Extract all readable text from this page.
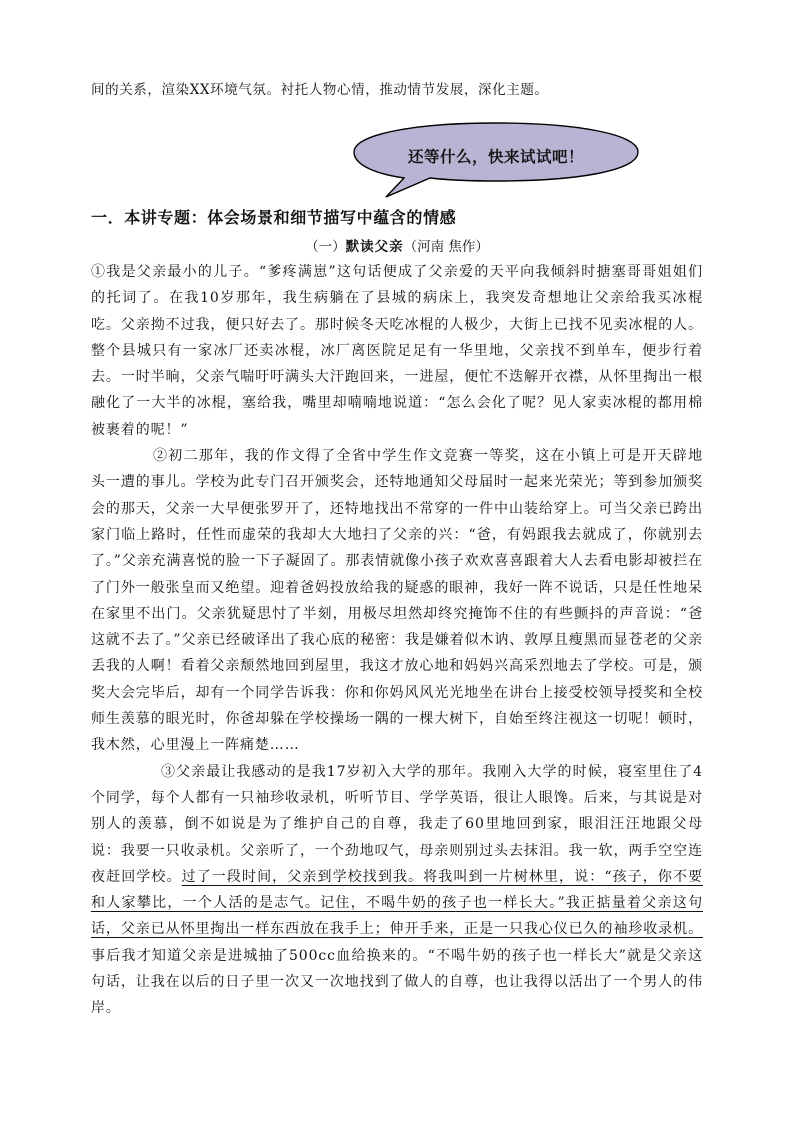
间的关系，渲染XX环境气氛。衬托人物心情，推动情节发展，深化主题。
还等什么，快来试试吧！
一．本讲专题：体会场景和细节描写中蕴含的情感
（一）默读父亲（河南 焦作）

①我是父亲最小的儿子。“爹疼满崽”这句话便成了父亲爱的天平向我倾斜时搪塞哥哥姐姐们的托词了。在我10岁那年，我生病躺在了县城的病床上，我突发奇想地让父亲给我买冰棍吃。父亲拗不过我，便只好去了。那时候冬天吃冰棍的人极少，大街上已找不见卖冰棍的人。整个县城只有一家冰厂还卖冰棍，冰厂离医院足足有一华里地，父亲找不到单车，便步行着去。一时半晌，父亲气喘吁吁满头大汗跑回来，一进屋，便忙不迭解开衣襟，从怀里掏出一根融化了一大半的冰棍，塞给我，嘴里却喃喃地说道：“怎么会化了呢？见人家卖冰棍的都用棉被裹着的呢！”

②初二那年，我的作文得了全省中学生作文竞赛一等奖，这在小镇上可是开天辟地头一遭的事儿。学校为此专门召开颁奖会，还特地通知父母届时一起来光荣光；等到参加颁奖会的那天，父亲一大早便张罗开了，还特地找出不常穿的一件中山装给穿上。可当父亲已跨出家门临上路时，任性而虚荣的我却大大地扫了父亲的兴：“爸，有妈跟我去就成了，你就别去了。”父亲充满喜悦的脸一下子凝固了。那表情就像小孩子欢欢喜喜跟着大人去看电影却被拦在了门外一般张皇而又绝望。迎着爸妈投放给我的疑惑的眼神，我好一阵不说话，只是任性地呆在家里不出门。父亲犹疑思忖了半刻，用极尽坦然却终究掩饰不住的有些颤抖的声音说：“爸这就不去了。”父亲已经破译出了我心底的秘密：我是嫌着似木讷、敦厚且瘦黑而显苍老的父亲丢我的人啊！看着父亲颓然地回到屋里，我这才放心地和妈妈兴高采烈地去了学校。可是，颁奖大会完毕后，却有一个同学告诉我：你和你妈风风光光地坐在讲台上接受校领导授奖和全校师生羡慕的眼光时，你爸却躲在学校操场一隅的一棵大树下，自始至终注视这一切呢！顿时，我木然，心里漫上一阵痛楚……

③父亲最让我感动的是我17岁初入大学的那年。我刚入大学的时候，寝室里住了4个同学，每个人都有一只袖珍收录机，听听节目、学学英语，很让人眼馋。后来，与其说是对别人的羡慕，倒不如说是为了维护自己的自尊，我走了60里地回到家，眼泪汪汪地跟父母说：我要一只收录机。父亲听了，一个劲地叹气，母亲则别过头去抹泪。我一软，两手空空连夜赶回学校。过了一段时间，父亲到学校找到我。将我叫到一片树林里，说：“孩子，你不要和人家攀比，一个人活的是志气。记住，不喝牛奶的孩子也一样长大。”我正掂量着父亲这句话，父亲已从怀里掏出一样东西放在我手上；伸开手来，正是一只我心仪已久的袖珍收录机。事后我才知道父亲是进城抽了500cc血给换来的。“不喝牛奶的孩子也一样长大”就是父亲这句话，让我在以后的日子里一次又一次地找到了做人的自尊，也让我得以活出了一个男人的伟岸。
